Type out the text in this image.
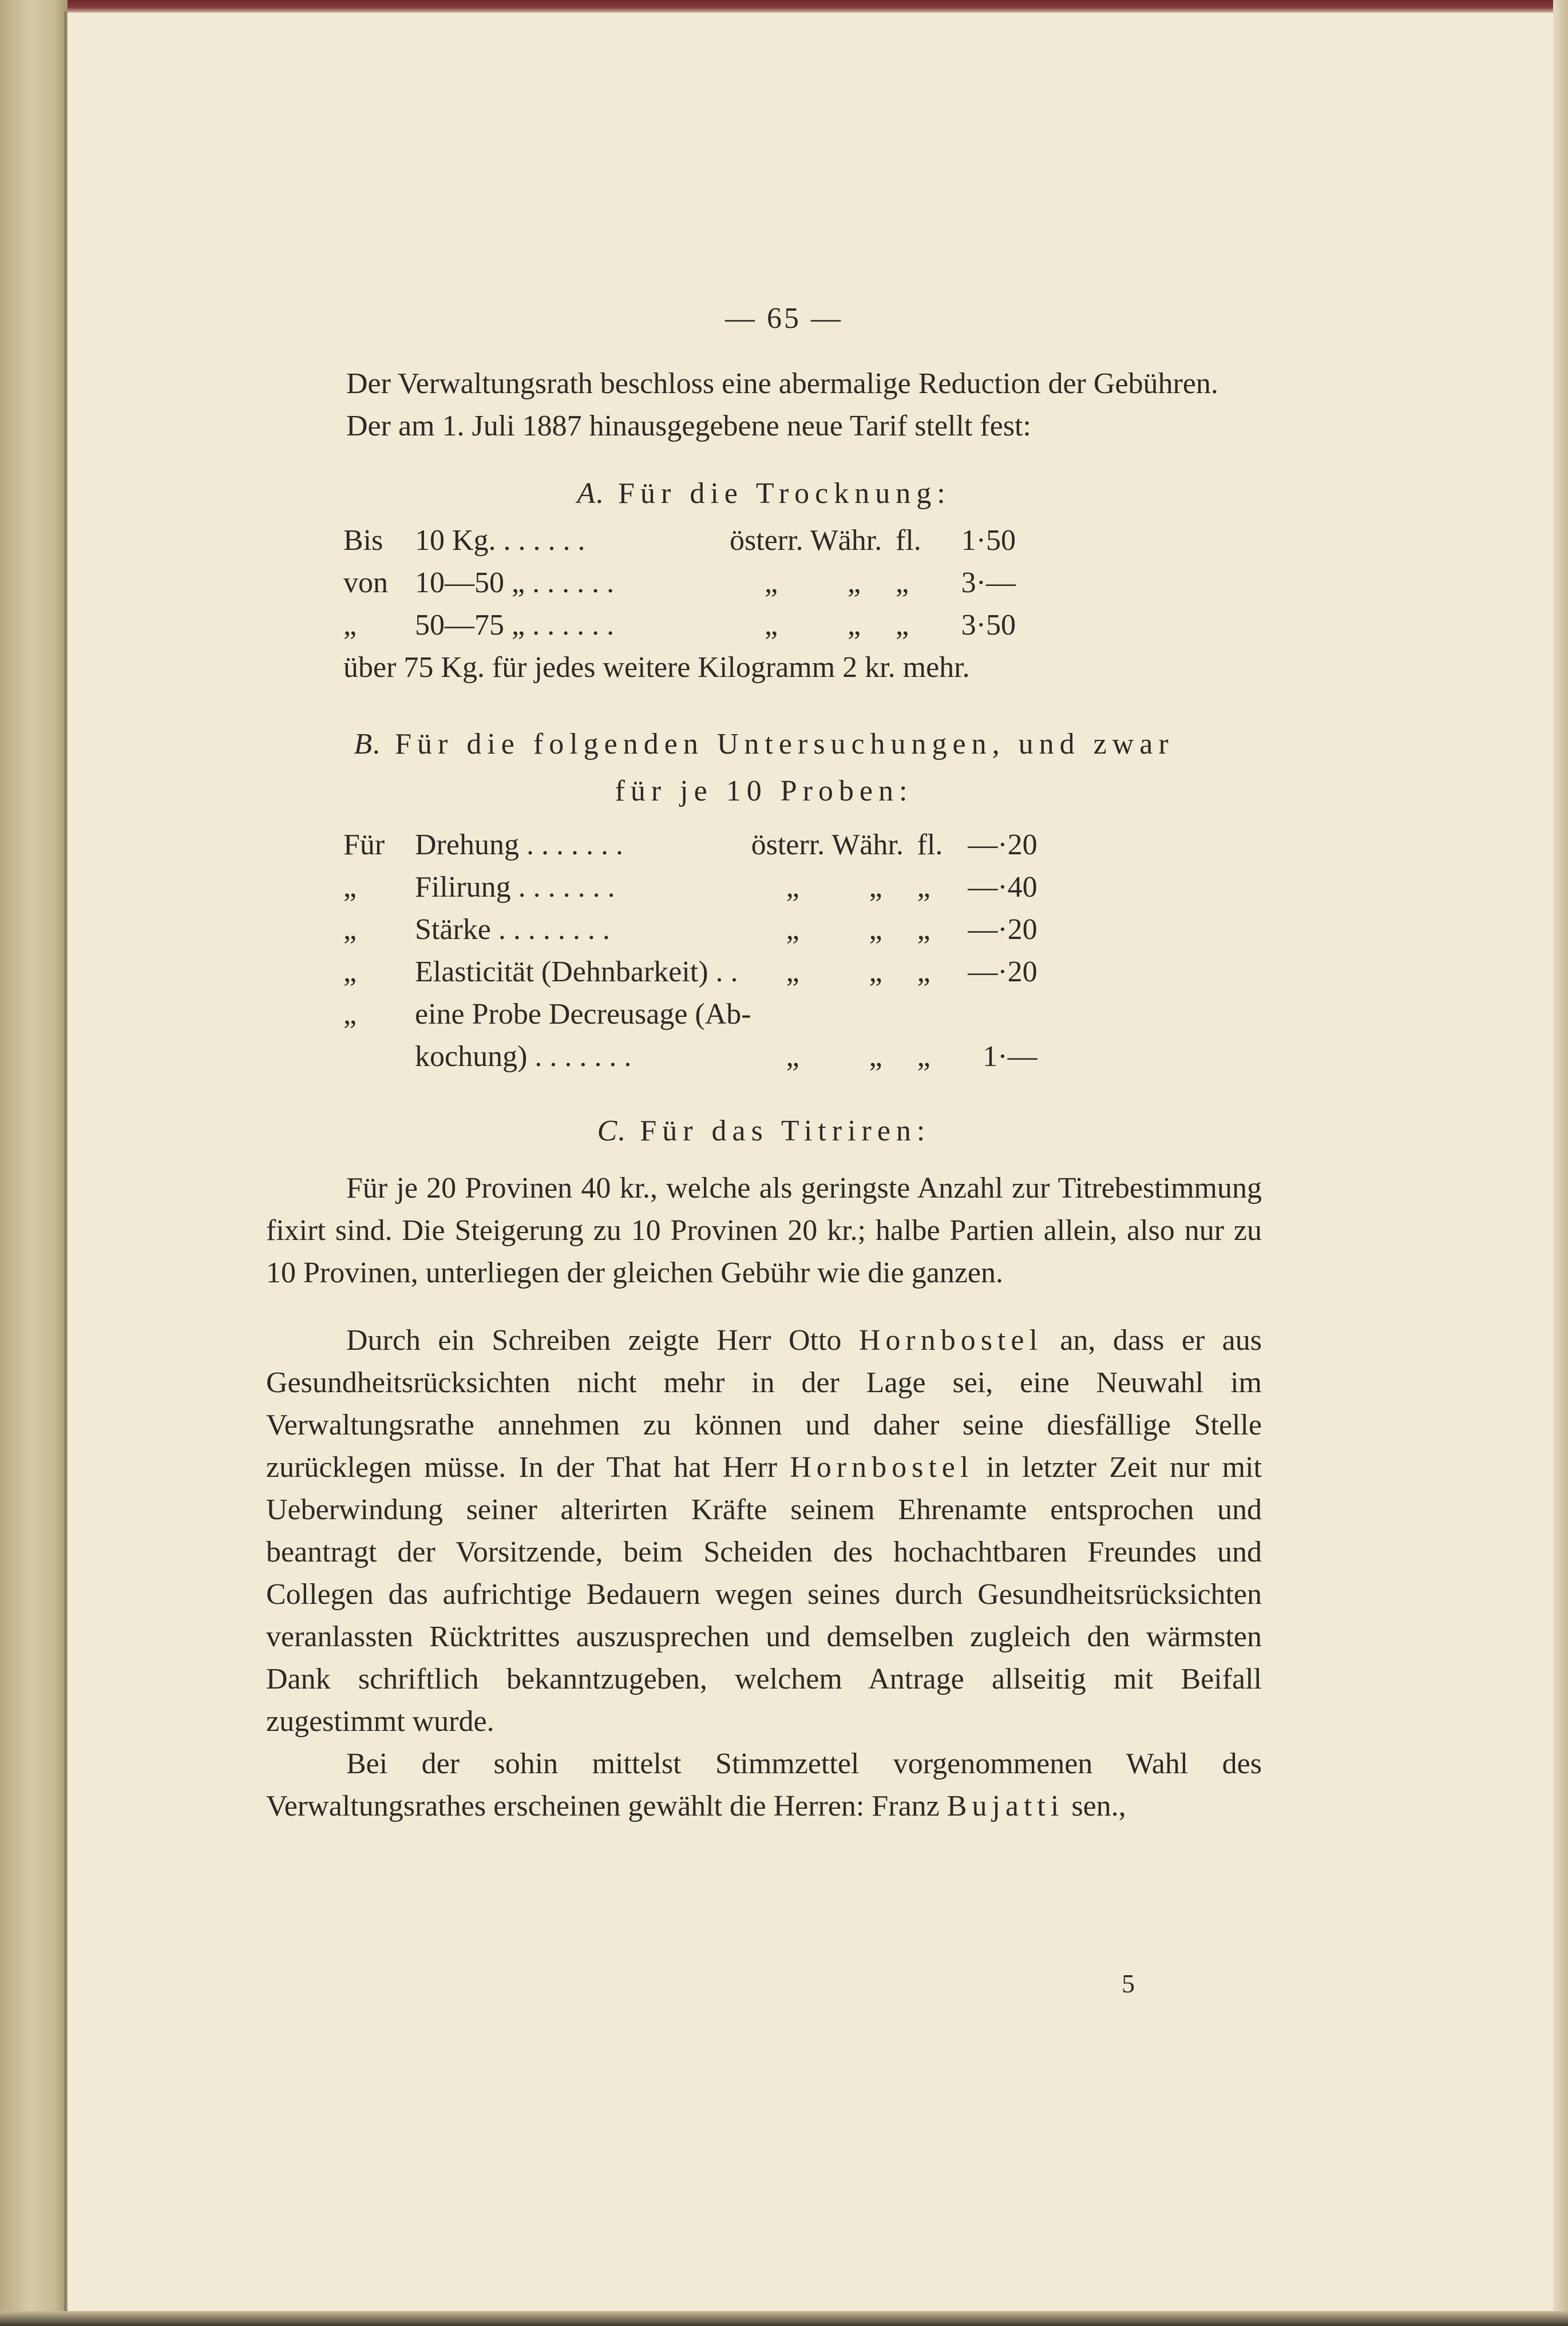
— 65 —

Der Verwaltungsrath beschloss eine abermalige Reduction der Gebühren.

Der am 1. Juli 1887 hinausgegebene neue Tarif stellt fest:

A. Für die Trocknung:
Bis	10 Kg. . . . . . .	österr. Währ.		fl.	1·50
von	10—50 „ . . . . . .	„	„	„	3·—
„	50—75 „ . . . . . .	„	„	„	3·50
über 75 Kg. für jedes weitere Kilogramm 2 kr. mehr.					
B. Für die folgenden Untersuchungen, und zwar
für je 10 Proben:
Für	Drehung . . . . . . .	österr. Währ.		fl.	—·20
„	Filirung . . . . . . .	„	„	„	—·40
„	Stärke . . . . . . . .	„	„	„	—·20
„	Elasticität (Dehnbarkeit) . .	„	„	„	—·20
„	eine Probe Decreusage (Ab-				
	kochung) . . . . . . .	„	„	„	1·—
C. Für das Titriren:

Für je 20 Provinen 40 kr., welche als geringste Anzahl zur Titrebestimmung fixirt sind. Die Steigerung zu 10 Provinen 20 kr.; halbe Partien allein, also nur zu 10 Provinen, unterliegen der gleichen Gebühr wie die ganzen.

Durch ein Schreiben zeigte Herr Otto Hornbostel an, dass er aus Gesundheitsrücksichten nicht mehr in der Lage sei, eine Neuwahl im Verwaltungsrathe annehmen zu können und daher seine diesfällige Stelle zurücklegen müsse. In der That hat Herr Hornbostel in letzter Zeit nur mit Ueberwindung seiner alterirten Kräfte seinem Ehrenamte entsprochen und beantragt der Vorsitzende, beim Scheiden des hochachtbaren Freundes und Collegen das aufrichtige Bedauern wegen seines durch Gesundheitsrücksichten veranlassten Rücktrittes auszusprechen und demselben zugleich den wärmsten Dank schriftlich bekanntzugeben, welchem Antrage allseitig mit Beifall zugestimmt wurde.

Bei der sohin mittelst Stimmzettel vorgenommenen Wahl des Verwaltungsrathes erscheinen gewählt die Herren: Franz Bujatti sen.,

5
